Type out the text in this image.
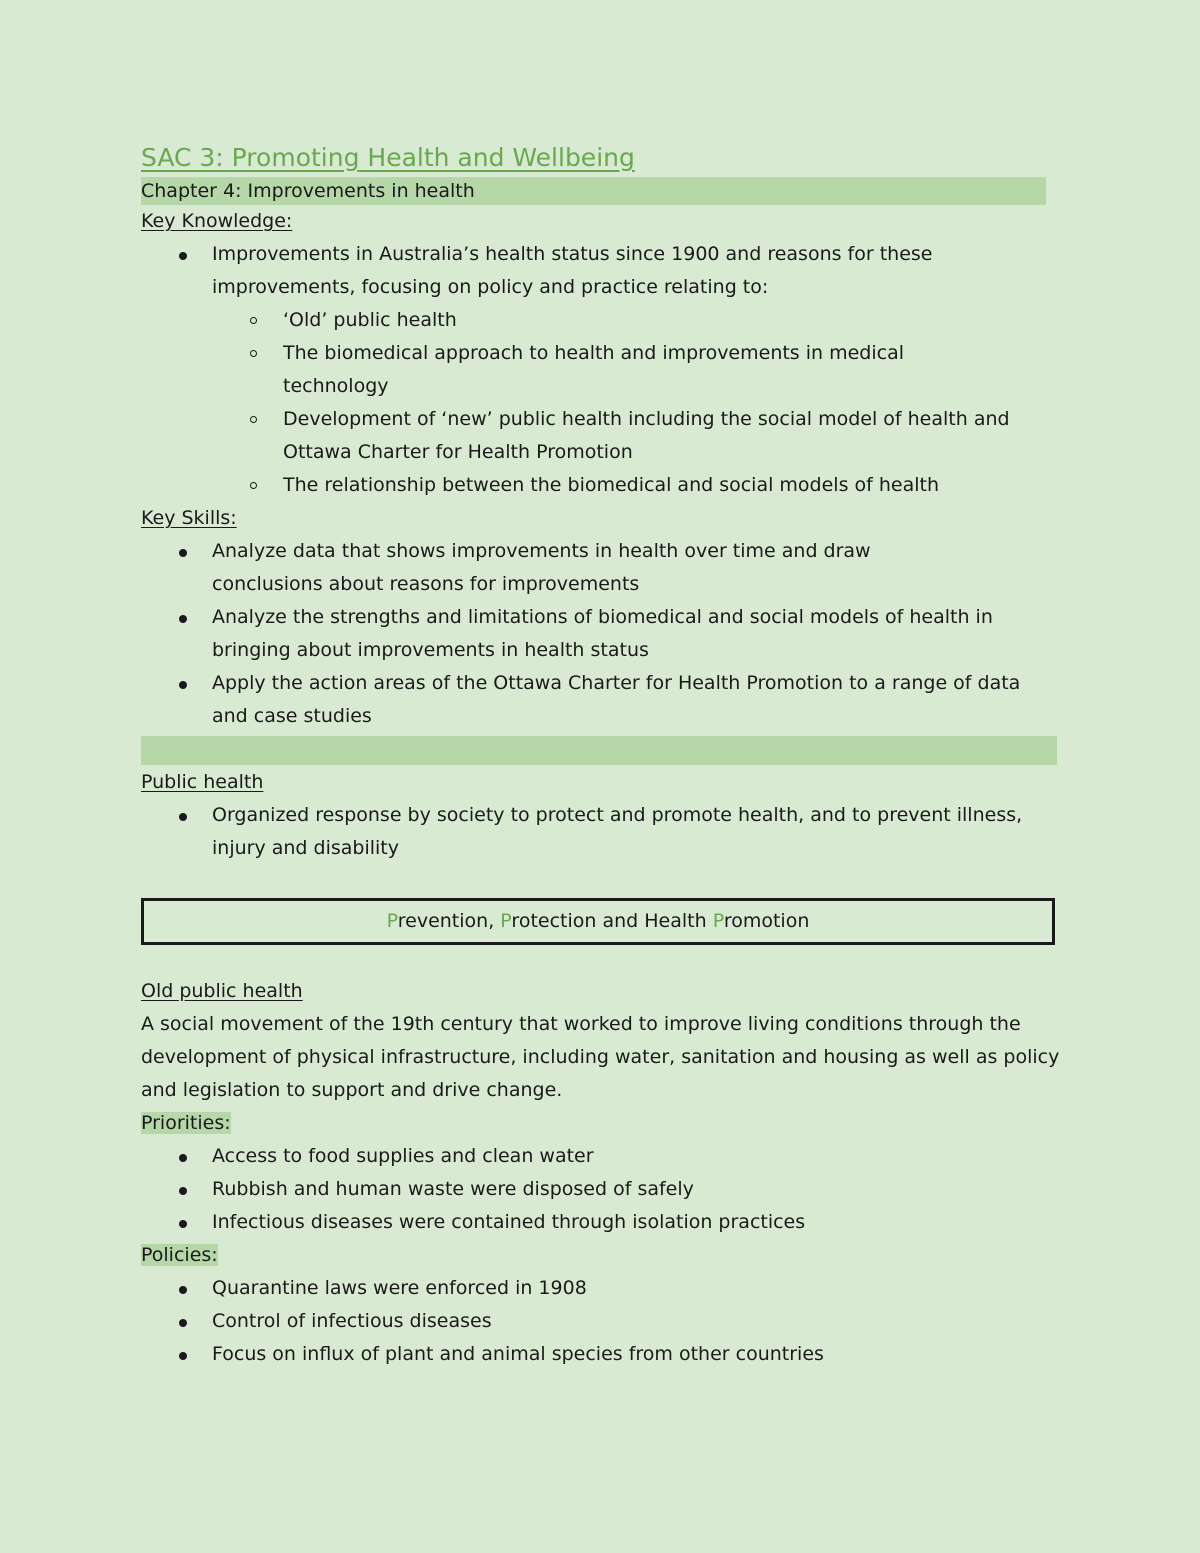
SAC 3: Promoting Health and Wellbeing
Chapter 4: Improvements in health

Key Knowledge:

Improvements in Australia’s health status since 1900 and reasons for these
improvements, focusing on policy and practice relating to:
‘Old’ public health
The biomedical approach to health and improvements in medical technology
Development of ‘new’ public health including the social model of health and Ottawa Charter for Health Promotion
The relationship between the biomedical and social models of health

Key Skills:

Analyze data that shows improvements in health over time and draw conclusions about reasons for improvements
Analyze the strengths and limitations of biomedical and social models of health in bringing about improvements in health status
Apply the action areas of the Ottawa Charter for Health Promotion to a range of data and case studies

Public health

Organized response by society to protect and promote health, and to prevent illness, injury and disability
Prevention, Protection and Health Promotion

Old public health

A social movement of the 19th century that worked to improve living conditions through the development of physical infrastructure, including water, sanitation and housing as well as policy and legislation to support and drive change.

Priorities:

Access to food supplies and clean water
Rubbish and human waste were disposed of safely
Infectious diseases were contained through isolation practices

Policies:

Quarantine laws were enforced in 1908
Control of infectious diseases
Focus on influx of plant and animal species from other countries
